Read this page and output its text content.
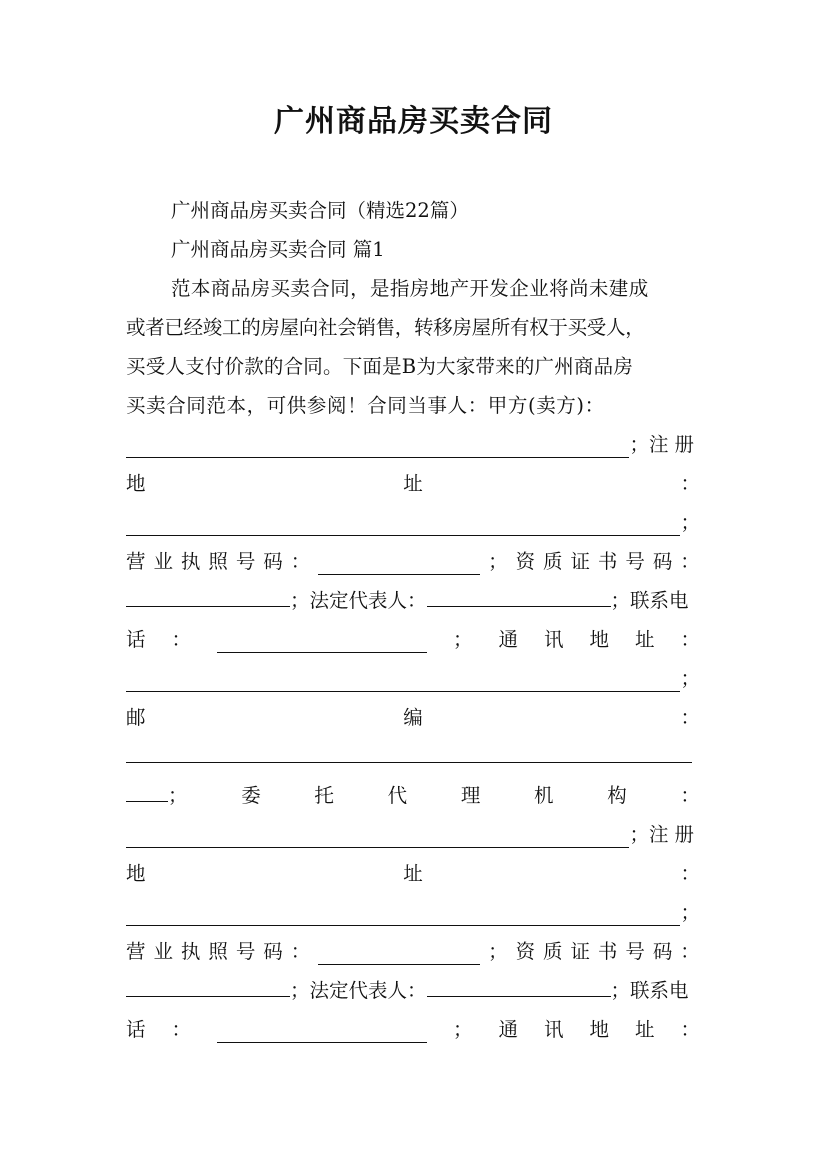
广州商品房买卖合同
广州商品房买卖合同（精选22篇）
广州商品房买卖合同 篇1
范本商品房买卖合同，是指房地产开发企业将尚未建成
或者已经竣工的房屋向社会销售，转移房屋所有权于买受人，
买受人支付价款的合同。下面是B为大家带来的广州商品房
买卖合同范本，可供参阅！合同当事人：甲方(卖方)：
；注册
地	址	：
；
营 业 执 照 号 码 ：	； 资 质 证 书 号 码 ：
；法定代表人：	；联系电
话 ：	； 通 讯 地 址 ：
；
邮	编	：
；	委	托	代	理	机	构	：
；注册
地	址	：
；
营 业 执 照 号 码 ：	； 资 质 证 书 号 码 ：
；法定代表人：	；联系电
话 ：	； 通 讯 地 址 ：
